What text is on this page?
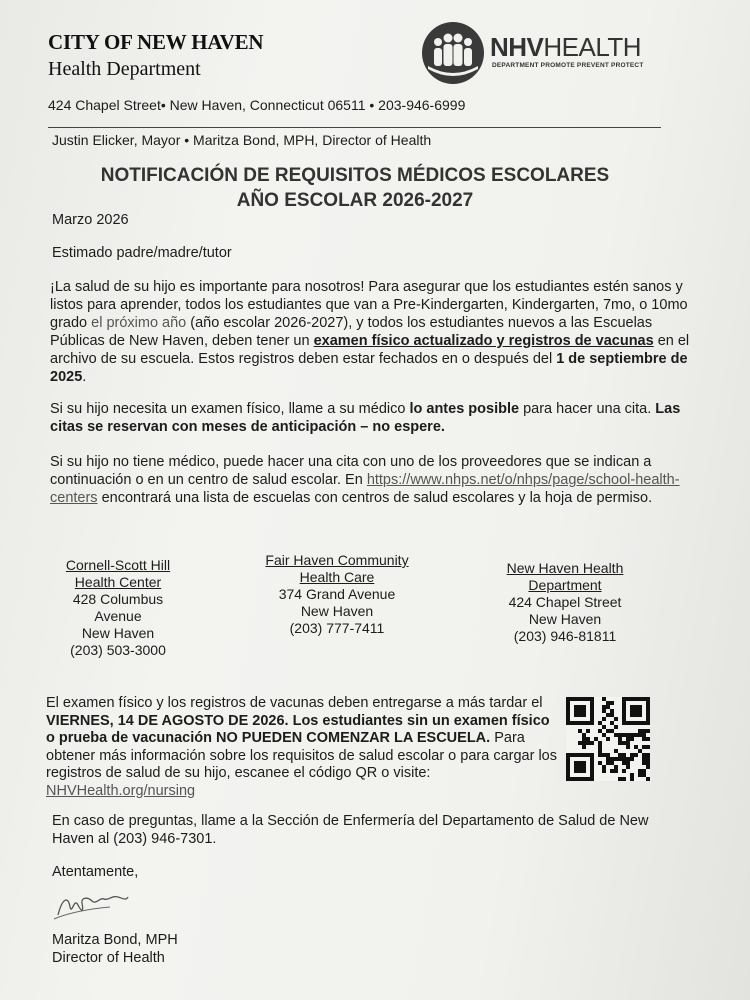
CITY OF NEW HAVEN
Health Department
NHVHEALTH
DEPARTMENT PROMOTE PREVENT PROTECT
424 Chapel Street• New Haven, Connecticut 06511 • 203-946-6999
Justin Elicker, Mayor • Maritza Bond, MPH, Director of Health
NOTIFICACIÓN DE REQUISITOS MÉDICOS ESCOLARES
AÑO ESCOLAR 2026-2027
Marzo 2026
Estimado padre/madre/tutor
¡La salud de su hijo es importante para nosotros! Para asegurar que los estudiantes estén sanos y listos para aprender, todos los estudiantes que van a Pre-Kindergarten, Kindergarten, 7mo, o 10mo grado el próximo año (año escolar 2026-2027), y todos los estudiantes nuevos a las Escuelas Públicas de New Haven, deben tener un examen físico actualizado y registros de vacunas en el archivo de su escuela. Estos registros deben estar fechados en o después del 1 de septiembre de 2025.
Si su hijo necesita un examen físico, llame a su médico lo antes posible para hacer una cita. Las citas se reservan con meses de anticipación – no espere.
Si su hijo no tiene médico, puede hacer una cita con uno de los proveedores que se indican a continuación o en un centro de salud escolar. En https://www.nhps.net/o/nhps/page/school-health-centers encontrará una lista de escuelas con centros de salud escolares y la hoja de permiso.
Cornell-Scott Hill Health Center
428 Columbus Avenue
New Haven
(203) 503-3000
Fair Haven Community Health Care
374 Grand Avenue
New Haven
(203) 777-7411
New Haven Health Department
424 Chapel Street
New Haven
(203) 946-81811
El examen físico y los registros de vacunas deben entregarse a más tardar el VIERNES, 14 DE AGOSTO DE 2026. Los estudiantes sin un examen físico o prueba de vacunación NO PUEDEN COMENZAR LA ESCUELA. Para obtener más información sobre los requisitos de salud escolar o para cargar los registros de salud de su hijo, escanee el código QR o visite: NHVHealth.org/nursing
En caso de preguntas, llame a la Sección de Enfermería del Departamento de Salud de New Haven al (203) 946-7301.
Atentamente,
Maritza Bond, MPH
Director of Health
